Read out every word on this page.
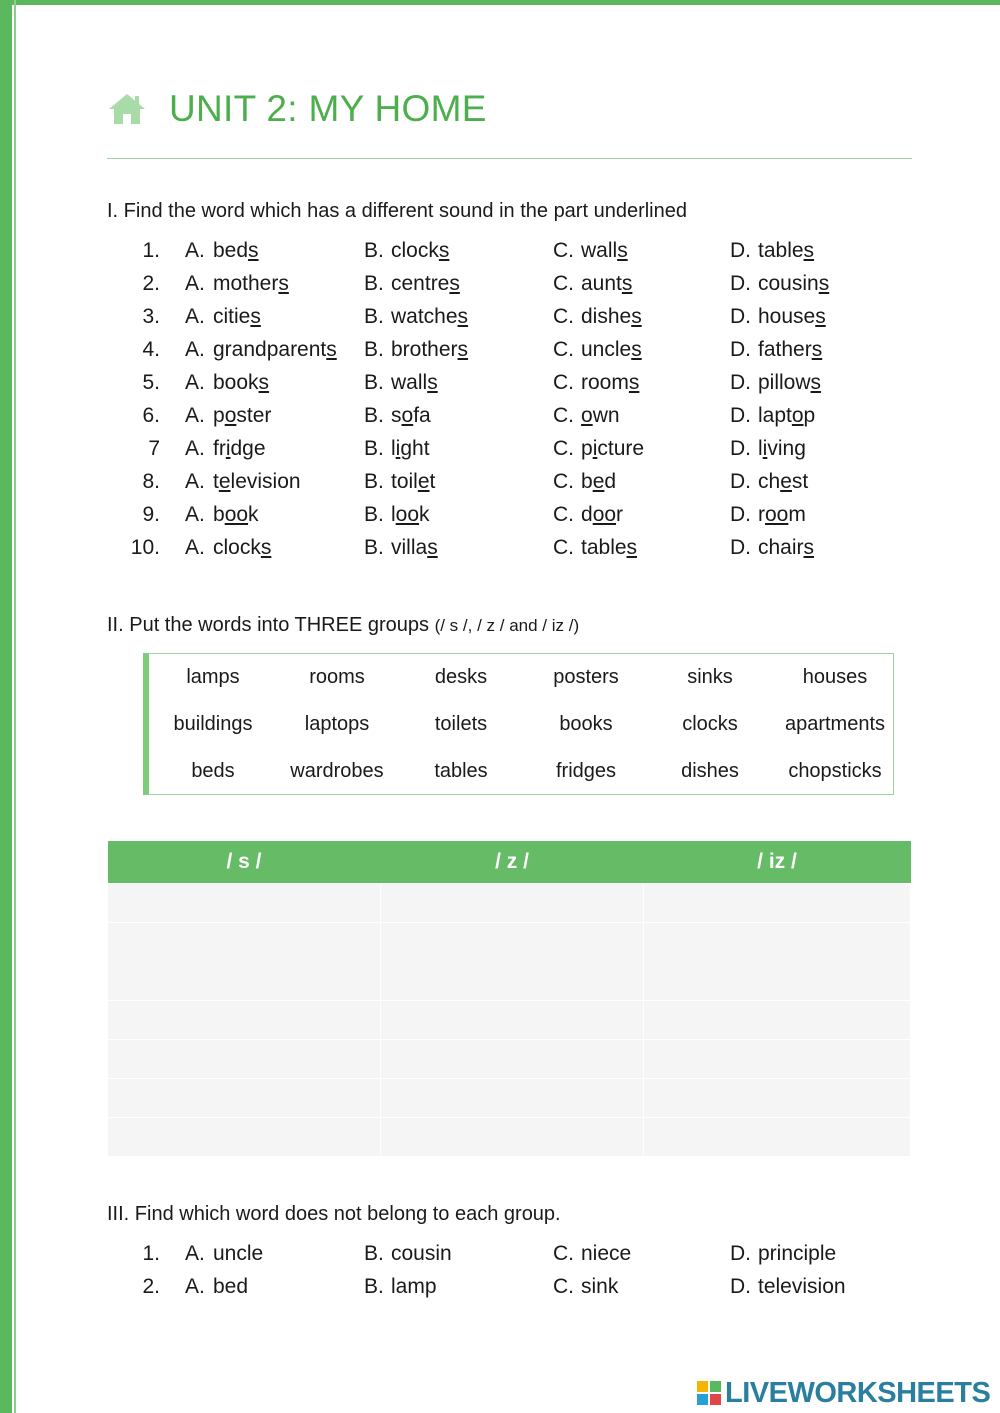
UNIT 2: MY HOME
I. Find the word which has a different sound in the part underlined
1. A. beds	B. clocks	C. walls	D. tables
2. A. mothers	B. centres	C. aunts	D. cousins
3. A. cities	B. watches	C. dishes	D. houses
4. A. grandparents B. brothers	C. uncles	D. fathers
5. A. books	B. walls	C. rooms	D. pillows
6. A. poster	B. sofa	C. own	D. laptop
7 A. fridge	B. light	C. picture	D. living
8. A. television	B. toilet	C. bed	D. chest
9. A. book	B. look	C. door	D. room
10. A. clocks	B. villas	C. tables	D. chairs
II. Put the words into THREE groups (/ s /, / z / and / iz /)
lamps	rooms	desks	posters	sinks	houses
buildings	laptops	toilets	books	clocks	apartments
beds	wardrobes	tables	fridges	dishes	chopsticks
/ s /	/ z /	/ iz /

III. Find which word does not belong to each group.
1. A. uncle	B. cousin	C. niece	D. principle
2. A. bed	B. lamp	C. sink	D. television
LIVEWORKSHEETS
